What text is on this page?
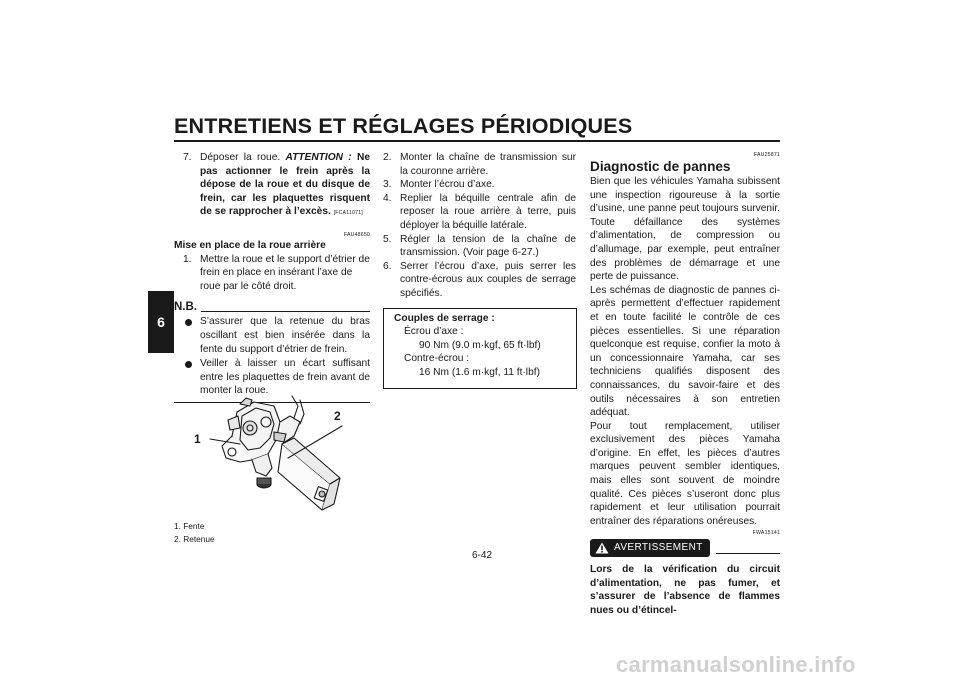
ENTRETIENS ET RÉGLAGES PÉRIODIQUES
6
7. Déposer la roue. ATTENTION : Ne pas actionner le frein après la dépose de la roue et du disque de frein, car les plaquettes risquent de se rapprocher à l’excès. [FCA11071]
FAU48650
Mise en place de la roue arrière
1. Mettre la roue et le support d’étrier de frein en place en insérant l’axe de roue par le côté droit.
N.B.
S’assurer que la retenue du bras oscillant est bien insérée dans la fente du support d’étrier de frein.
Veiller à laisser un écart suffisant entre les plaquettes de frein avant de monter la roue.
1
2
1. Fente
2. Retenue
2. Monter la chaîne de transmission sur la couronne arrière.
3. Monter l’écrou d’axe.
4. Replier la béquille centrale afin de reposer la roue arrière à terre, puis déployer la béquille latérale.
5. Régler la tension de la chaîne de transmission. (Voir page 6-27.)
6. Serrer l’écrou d’axe, puis serrer les contre-écrous aux couples de serrage spécifiés.
Couples de serrage :
Écrou d’axe :
90 Nm (9.0 m·kgf, 65 ft·lbf)
Contre-écrou :
16 Nm (1.6 m·kgf, 11 ft·lbf)
FAU25871
Diagnostic de pannes
Bien que les véhicules Yamaha subissent une inspection rigoureuse à la sortie d’usine, une panne peut toujours survenir. Toute défaillance des systèmes d’alimentation, de compression ou d’allumage, par exemple, peut entraîner des problèmes de démarrage et une perte de puissance.
Les schémas de diagnostic de pannes ci-après permettent d’effectuer rapidement et en toute facilité le contrôle de ces pièces essentielles. Si une réparation quelconque est requise, confier la moto à un concessionnaire Yamaha, car ses techniciens qualifiés disposent des connaissances, du savoir-faire et des outils nécessaires à son entretien adéquat.
Pour tout remplacement, utiliser exclusivement des pièces Yamaha d’origine. En effet, les pièces d’autres marques peuvent sembler identiques, mais elles sont souvent de moindre qualité. Ces pièces s’useront donc plus rapidement et leur utilisation pourrait entraîner des réparations onéreuses.
FWA15141
AVERTISSEMENT
Lors de la vérification du circuit d’alimentation, ne pas fumer, et s’assurer de l’absence de flammes nues ou d’étincel-
6-42
carmanualsonline.info
